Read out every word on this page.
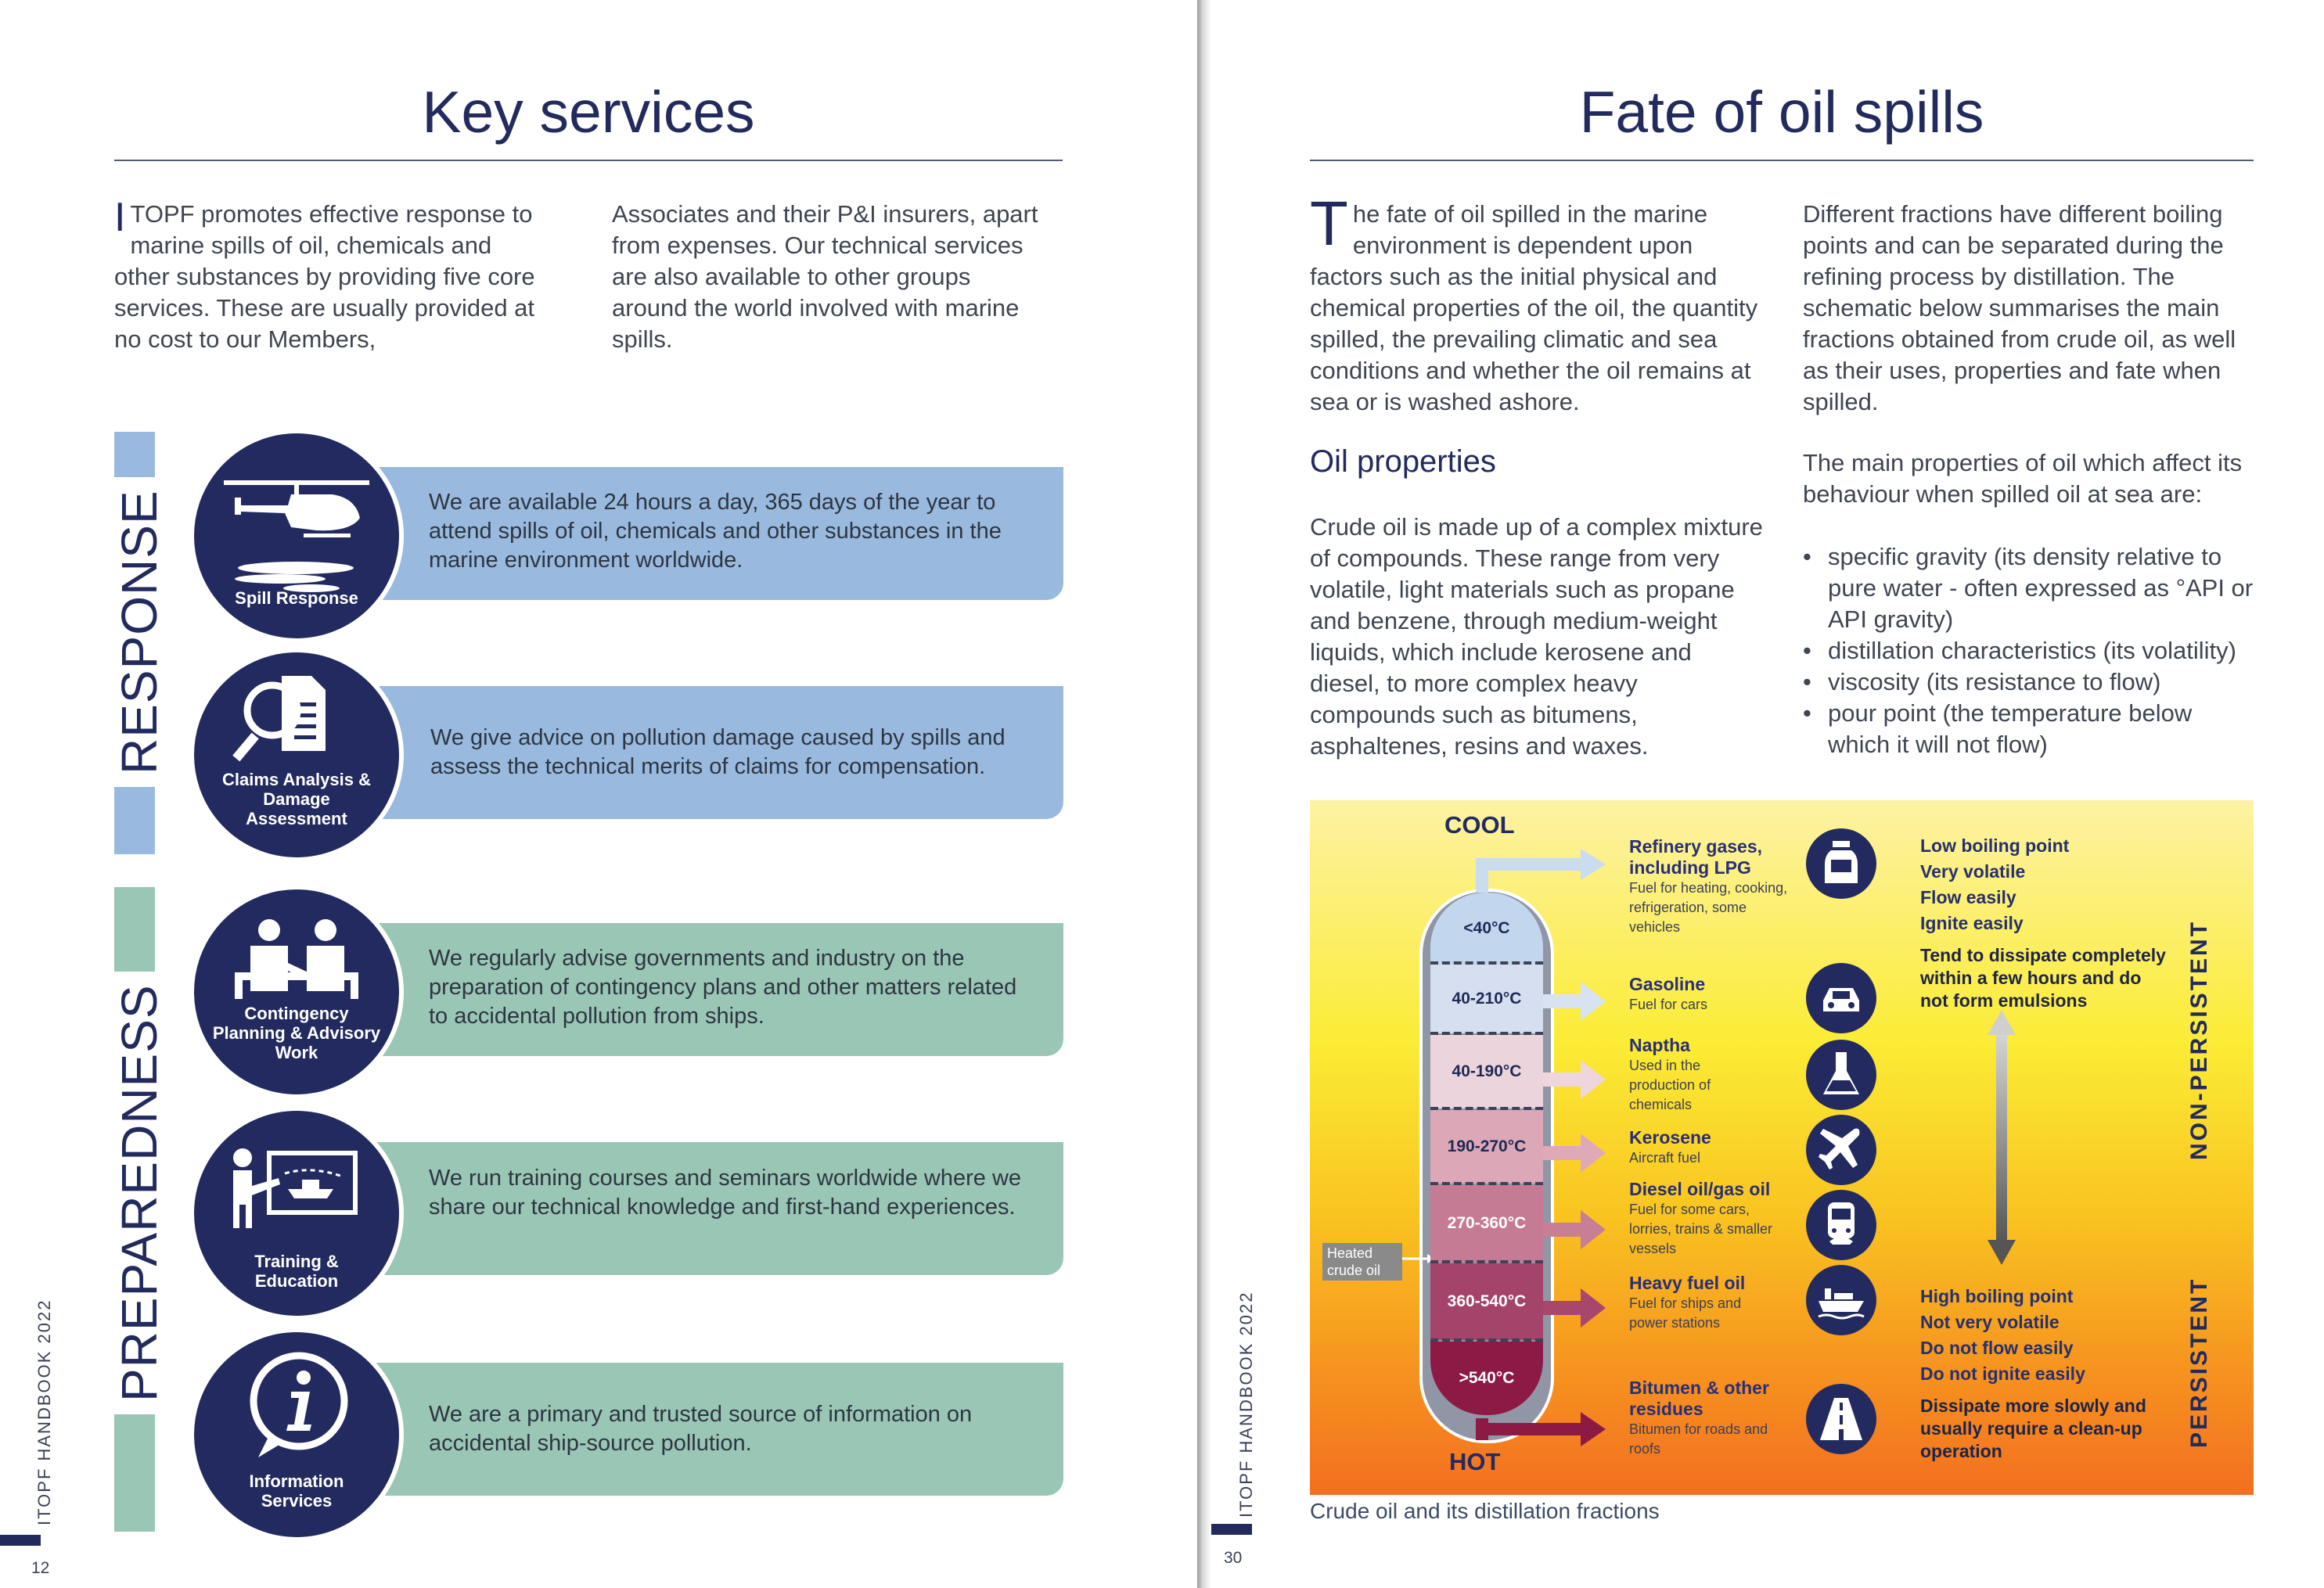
Key services
ITOPF promotes effective response to marine spills of oil, chemicals and other substances by providing five core services. These are usually provided at no cost to our Members,
Associates and their P&I insurers, apart from expenses. Our technical services are also available to other groups around the world involved with marine spills.
RESPONSE
PREPAREDNESS
We are available 24 hours a day, 365 days of the year to attend spills of oil, chemicals and other substances in the marine environment worldwide.
Spill Response
We give advice on pollution damage caused by spills and assess the technical merits of claims for compensation.
Claims Analysis & Damage Assessment
We regularly advise governments and industry on the preparation of contingency plans and other matters related to accidental pollution from ships.
Contingency Planning & Advisory Work
We run training courses and seminars worldwide where we share our technical knowledge and first-hand experiences.
Training & Education
We are a primary and trusted source of information on accidental ship-source pollution.
Information Services
ITOPF HANDBOOK 2022
12
Fate of oil spills
The fate of oil spilled in the marine environment is dependent upon factors such as the initial physical and chemical properties of the oil, the quantity spilled, the prevailing climatic and sea conditions and whether the oil remains at sea or is washed ashore.
Oil properties
Crude oil is made up of a complex mixture of compounds. These range from very volatile, light materials such as propane and benzene, through medium-weight liquids, which include kerosene and diesel, to more complex heavy compounds such as bitumens, asphaltenes, resins and waxes.
Different fractions have different boiling points and can be separated during the refining process by distillation. The schematic below summarises the main fractions obtained from crude oil, as well as their uses, properties and fate when spilled.
The main properties of oil which affect its behaviour when spilled oil at sea are:
• specific gravity (its density relative to pure water - often expressed as °API or API gravity)
• distillation characteristics (its volatility)
• viscosity (its resistance to flow)
• pour point (the temperature below which it will not flow)
<40°C
40-210°C
40-190°C
190-270°C
270-360°C
360-540°C
>540°C
COOL
HOT
Heated crude oil
Refinery gases, including LPG
Fuel for heating, cooking, refrigeration, some vehicles
Gasoline
Fuel for cars
Naptha
Used in the production of chemicals
Kerosene
Aircraft fuel
Diesel oil/gas oil
Fuel for some cars, lorries, trains & smaller vessels
Heavy fuel oil
Fuel for ships and power stations
Bitumen & other residues
Bitumen for roads and roofs
Low boiling point
Very volatile
Flow easily
Ignite easily
Tend to dissipate completely within a few hours and do not form emulsions
High boiling point
Not very volatile
Do not flow easily
Do not ignite easily
Dissipate more slowly and usually require a clean-up operation
NON-PERSISTENT
PERSISTENT
Crude oil and its distillation fractions
ITOPF HANDBOOK 2022
30
